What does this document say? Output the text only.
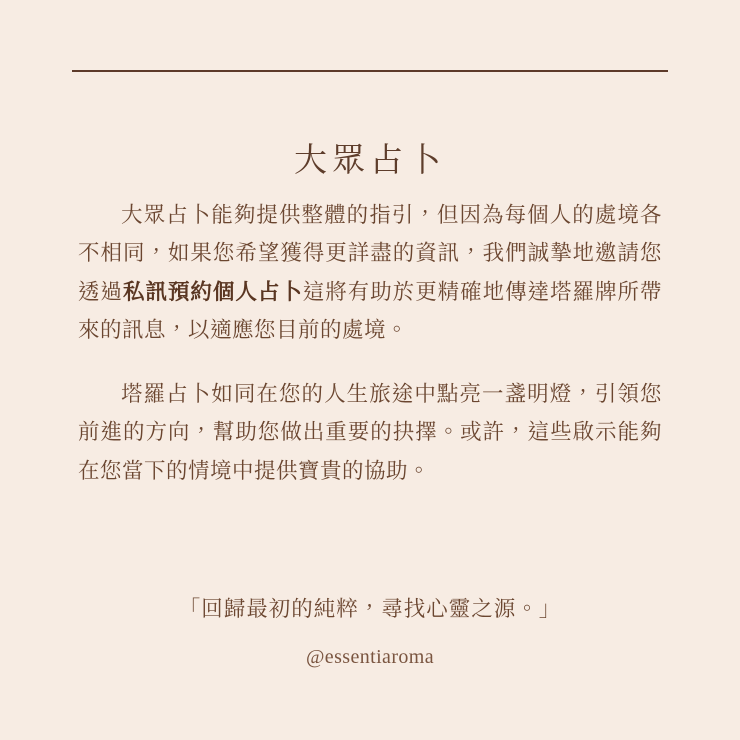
大眾占卜

大眾占卜能夠提供整體的指引，但因為每個人的處境各不相同，如果您希望獲得更詳盡的資訊，我們誠摯地邀請您透過私訊預約個人占卜這將有助於更精確地傳達塔羅牌所帶來的訊息，以適應您目前的處境。

塔羅占卜如同在您的人生旅途中點亮一盞明燈，引領您前進的方向，幫助您做出重要的抉擇。或許，這些啟示能夠在您當下的情境中提供寶貴的協助。

「回歸最初的純粹，尋找心靈之源。」
@essentiaroma
